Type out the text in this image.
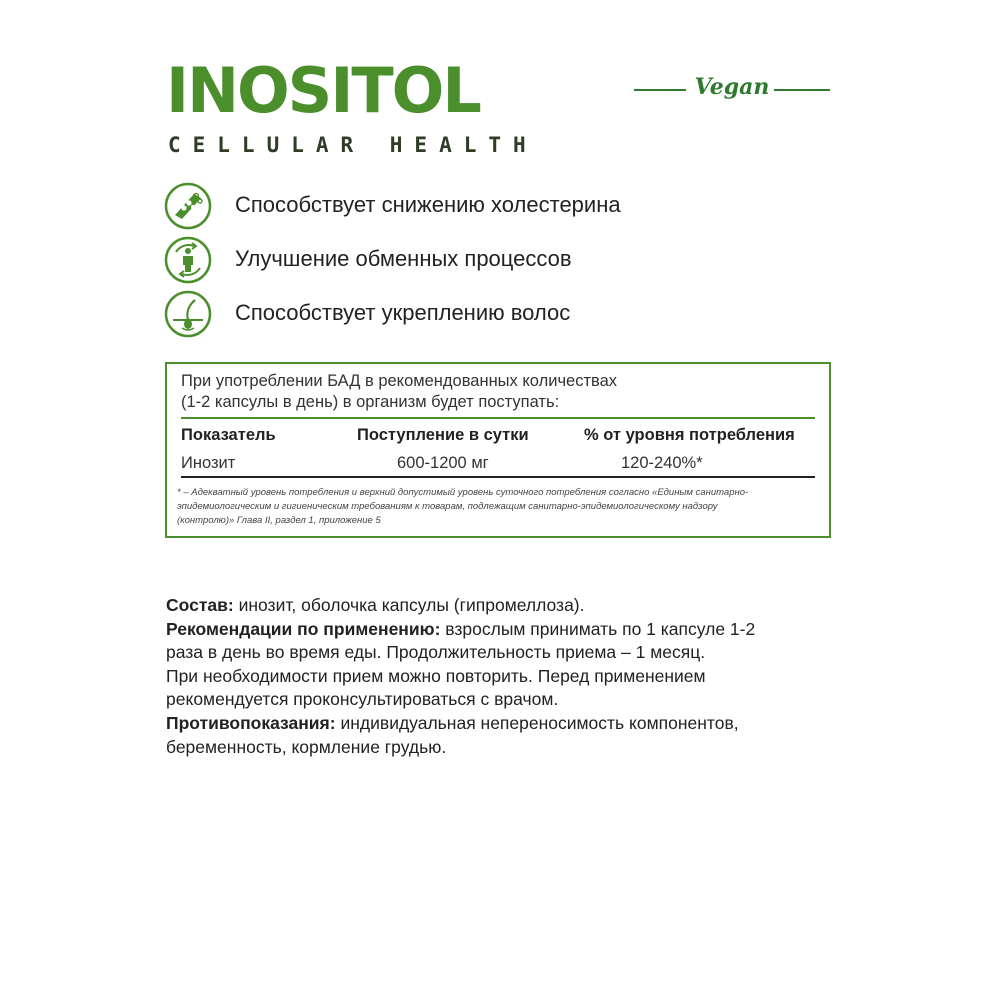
INOSITOL
CELLULAR HEALTH
Vegan
Способствует снижению холестерина
Улучшение обменных процессов
Способствует укреплению волос
При употреблении БАД в рекомендованных количествах
(1-2 капсулы в день) в организм будет поступать:
Показатель	Поступление в сутки	% от уровня потребления
Инозит	600-1200 мг	120-240%*
* – Адекватный уровень потребления и верхний допустимый уровень суточного потребления согласно «Единым санитарно-
эпидемиологическим и гигиеническим требованиям к товарам, подлежащим санитарно-эпидемиологическому надзору
(контролю)» Глава II, раздел 1, приложение 5

Состав: инозит, оболочка капсулы (гипромеллоза).

Рекомендации по применению: взрослым принимать по 1 капсуле 1-2

раза в день во время еды. Продолжительность приема – 1 месяц.

При необходимости прием можно повторить. Перед применением

рекомендуется проконсультироваться с врачом.

Противопоказания: индивидуальная непереносимость компонентов,

беременность, кормление грудью.
